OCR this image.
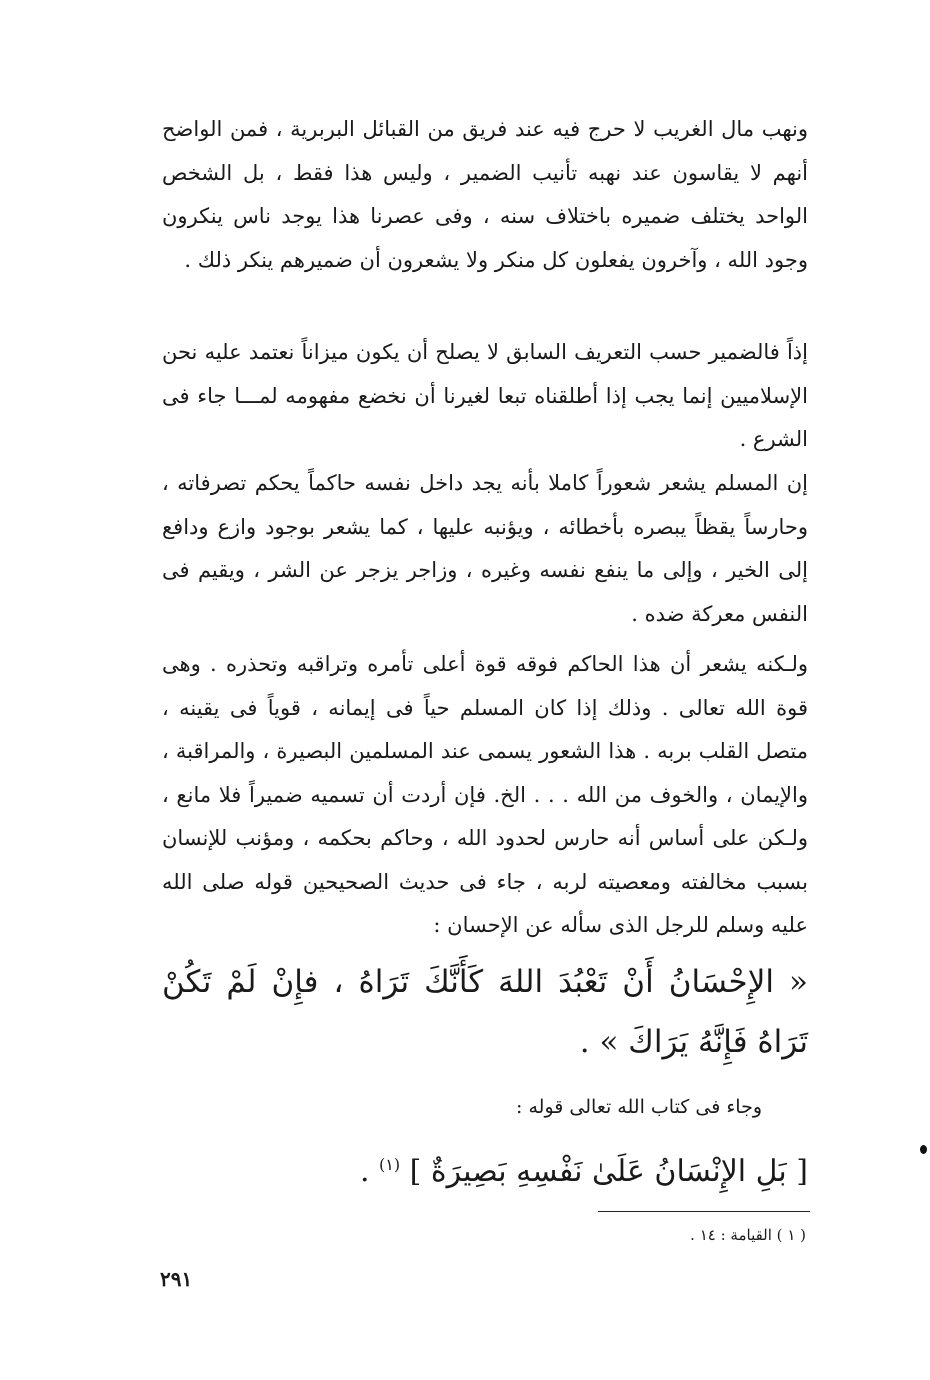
ونهب مال الغريب لا حرج فيه عند فريق من القبائل البربرية ، فمن الواضح أنهم لا يقاسون عند نهبه تأنيب الضمير ، وليس هذا فقط ، بل الشخص الواحد يختلف ضميره باختلاف سنه ، وفى عصرنا هذا يوجد ناس ينكرون وجود الله ، وآخرون يفعلون كل منكر ولا يشعرون أن ضميرهم ينكر ذلك .
إذاً فالضمير حسب التعريف السابق لا يصلح أن يكون ميزاناً نعتمد عليه نحن الإسلاميين إنما يجب إذا أطلقناه تبعا لغيرنا أن نخضع مفهومه لمـــا جاء فى الشرع .
إن المسلم يشعر شعوراً كاملا بأنه يجد داخل نفسه حاكماً يحكم تصرفاته ، وحارساً يقظاً يبصره بأخطائه ، ويؤنبه عليها ، كما يشعر بوجود وازع ودافع إلى الخير ، وإلى ما ينفع نفسه وغيره ، وزاجر يزجر عن الشر ، ويقيم فى النفس معركة ضده .
ولـكنه يشعر أن هذا الحاكم فوقه قوة أعلى تأمره وتراقبه وتحذره . وهى قوة الله تعالى . وذلك إذا كان المسلم حياً فى إيمانه ، قوياً فى يقينه ، متصل القلب بربه . هذا الشعور يسمى عند المسلمين البصيرة ، والمراقبة ، والإيمان ، والخوف من الله . . . الخ. فإن أردت أن تسميه ضميراً فلا مانع ، ولـكن على أساس أنه حارس لحدود الله ، وحاكم بحكمه ، ومؤنب للإنسان بسبب مخالفته ومعصيته لربه ، جاء فى حديث الصحيحين قوله صلى الله عليه وسلم للرجل الذى سأله عن الإحسان :
« الإِحْسَانُ أَنْ تَعْبُدَ اللهَ كَأَنَّكَ تَرَاهُ ، فإِنْ لَمْ تَكُنْ تَرَاهُ فَإِنَّهُ يَرَاكَ » .
وجاء فى كتاب الله تعالى قوله :
[ بَلِ الإِنْسَانُ عَلَىٰ نَفْسِهِ بَصِيرَةٌ ] $^{(١)}$ .
( ١ ) القيامة : ١٤ .
٢٩١
